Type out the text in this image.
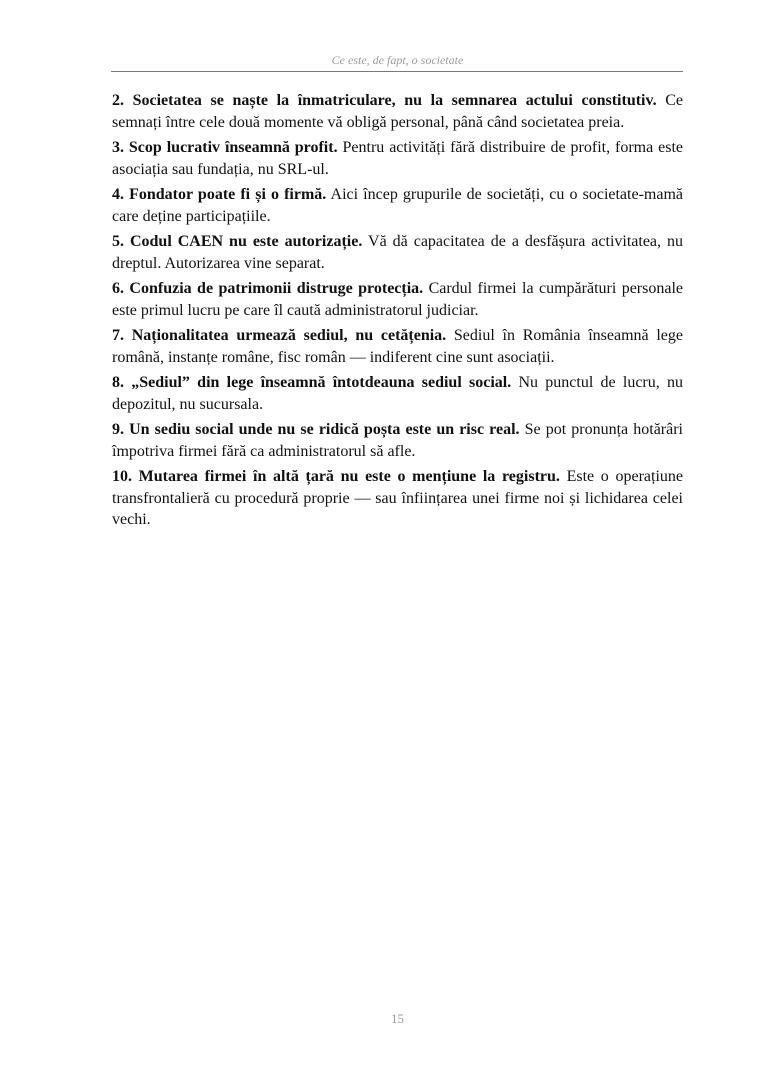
Ce este, de fapt, o societate

2. Societatea se naște la înmatriculare, nu la semnarea actului constitutiv. Ce semnați între cele două momente vă obligă personal, până când societatea preia.

3. Scop lucrativ înseamnă profit. Pentru activități fără distribuire de profit, forma este asociația sau fundația, nu SRL-ul.

4. Fondator poate fi și o firmă. Aici încep grupurile de societăți, cu o societate-mamă care deține participațiile.

5. Codul CAEN nu este autorizație. Vă dă capacitatea de a desfășura activitatea, nu dreptul. Autorizarea vine separat.

6. Confuzia de patrimonii distruge protecția. Cardul firmei la cumpărături personale este primul lucru pe care îl caută administratorul judiciar.

7. Naționalitatea urmează sediul, nu cetățenia. Sediul în România înseamnă lege română, instanțe române, fisc român — indiferent cine sunt asociații.

8. „Sediul” din lege înseamnă întotdeauna sediul social. Nu punctul de lucru, nu depozitul, nu sucursala.

9. Un sediu social unde nu se ridică poșta este un risc real. Se pot pronunța hotărâri împotriva firmei fără ca administratorul să afle.

10. Mutarea firmei în altă țară nu este o mențiune la registru. Este o operațiune transfrontalieră cu procedură proprie — sau înființarea unei firme noi și lichidarea celei vechi.

15
